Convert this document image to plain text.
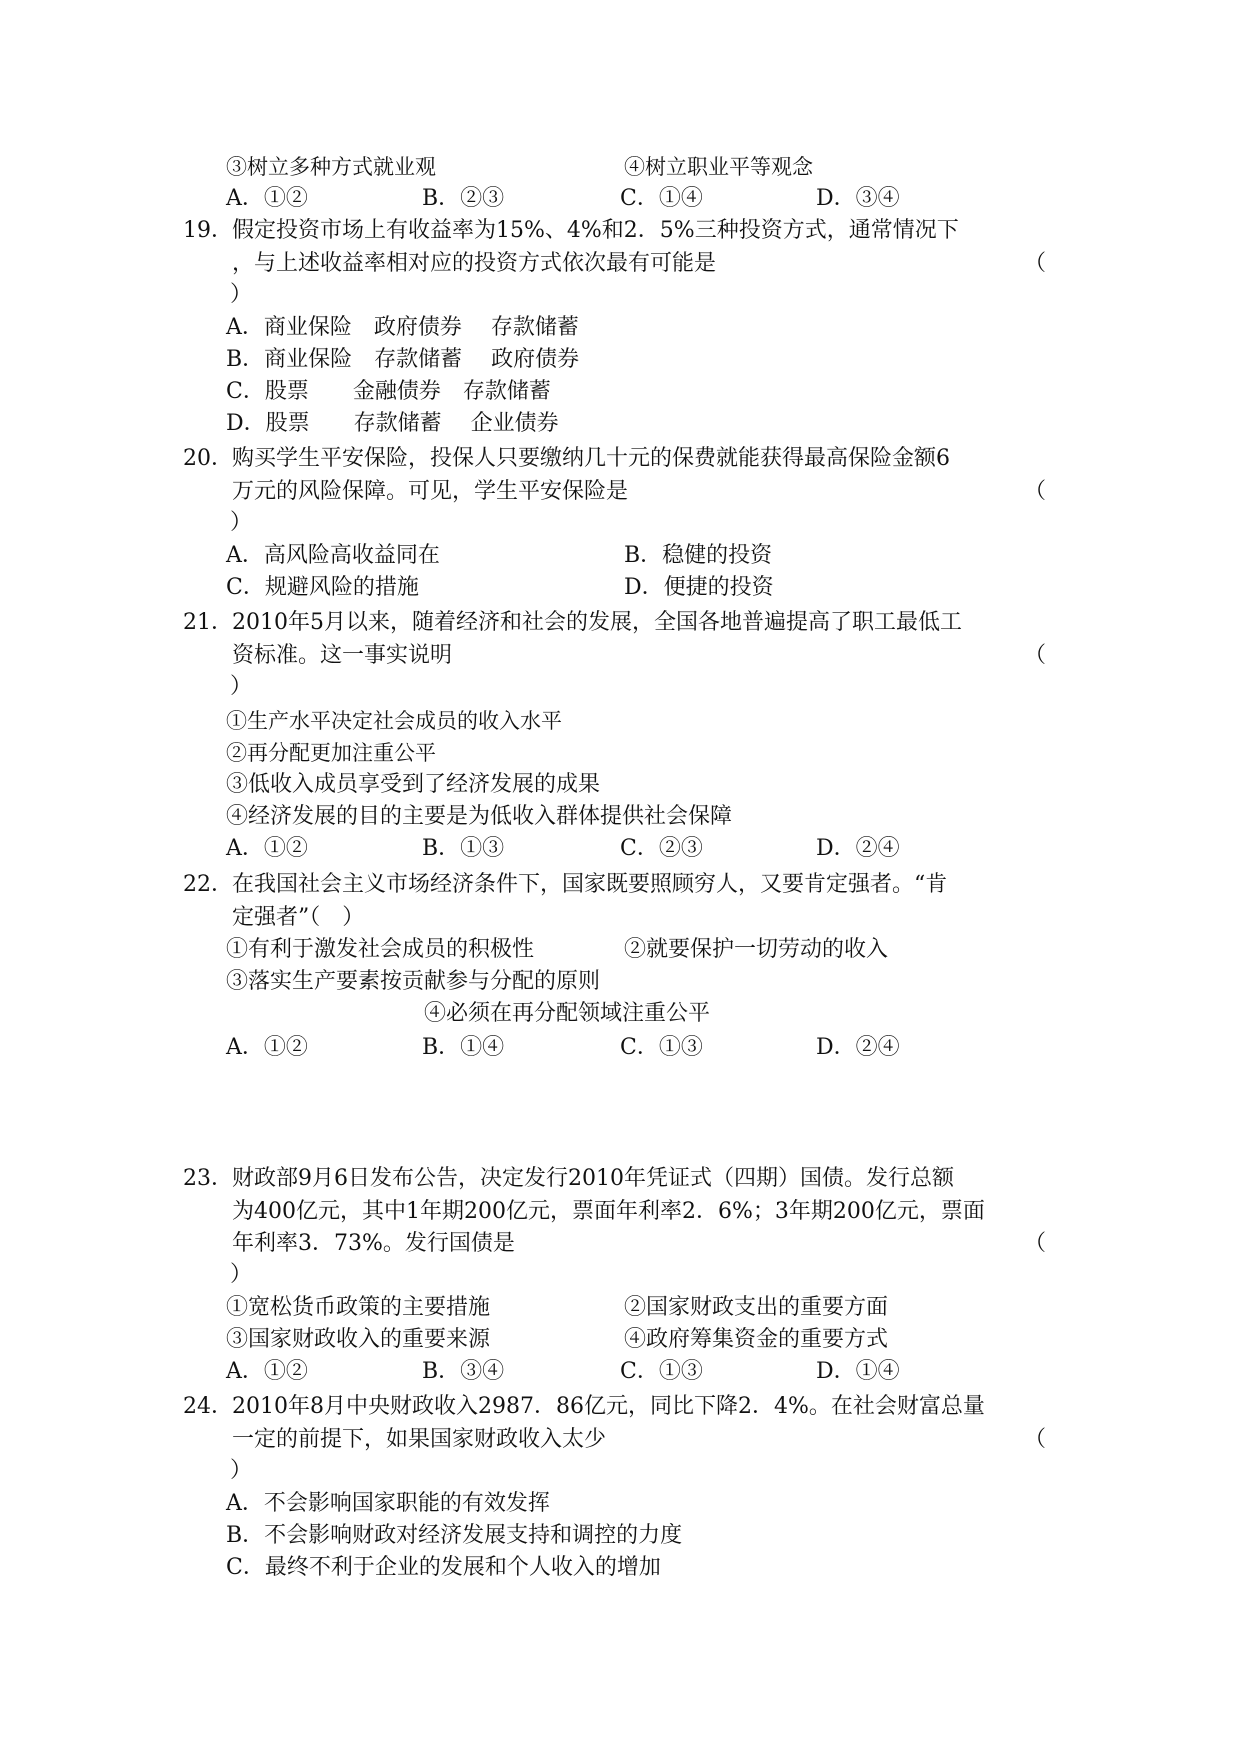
③树立多种方式就业观	④树立职业平等观念
A．①②	B．②③	C．①④	D．③④
19． 假定投资市场上有收益率为15%、4%和2．5%三种投资方式，通常情况下
，与上述收益率相对应的投资方式依次最有可能是	（
）
A．商业保险　政府债券　 存款储蓄
B．商业保险　存款储蓄　 政府债券
C．股票　　金融债券　存款储蓄
D．股票　　存款储蓄　 企业债券
20． 购买学生平安保险，投保人只要缴纳几十元的保费就能获得最高保险金额6
万元的风险保障。可见，学生平安保险是	（
）
A．高风险高收益同在	B．稳健的投资
C．规避风险的措施	D．便捷的投资
21． 2010年5月以来，随着经济和社会的发展，全国各地普遍提高了职工最低工
资标准。这一事实说明	（
）
①生产水平决定社会成员的收入水平
②再分配更加注重公平
③低收入成员享受到了经济发展的成果
④经济发展的目的主要是为低收入群体提供社会保障
A．①②	B．①③	C．②③	D．②④
22． 在我国社会主义市场经济条件下，国家既要照顾穷人，又要肯定强者。“肯
定强者”（　）
①有利于激发社会成员的积极性	②就要保护一切劳动的收入
③落实生产要素按贡献参与分配的原则
④必须在再分配领域注重公平
A．①②	B．①④	C．①③	D．②④
23． 财政部9月6日发布公告，决定发行2010年凭证式（四期）国债。发行总额
为400亿元，其中1年期200亿元，票面年利率2．6%；3年期200亿元，票面
年利率3．73%。发行国债是	（
）
①宽松货币政策的主要措施	②国家财政支出的重要方面
③国家财政收入的重要来源	④政府筹集资金的重要方式
A．①②	B．③④	C．①③	D．①④
24． 2010年8月中央财政收入2987．86亿元，同比下降2．4%。在社会财富总量
一定的前提下，如果国家财政收入太少	（
）
A．不会影响国家职能的有效发挥
B．不会影响财政对经济发展支持和调控的力度
C．最终不利于企业的发展和个人收入的增加
